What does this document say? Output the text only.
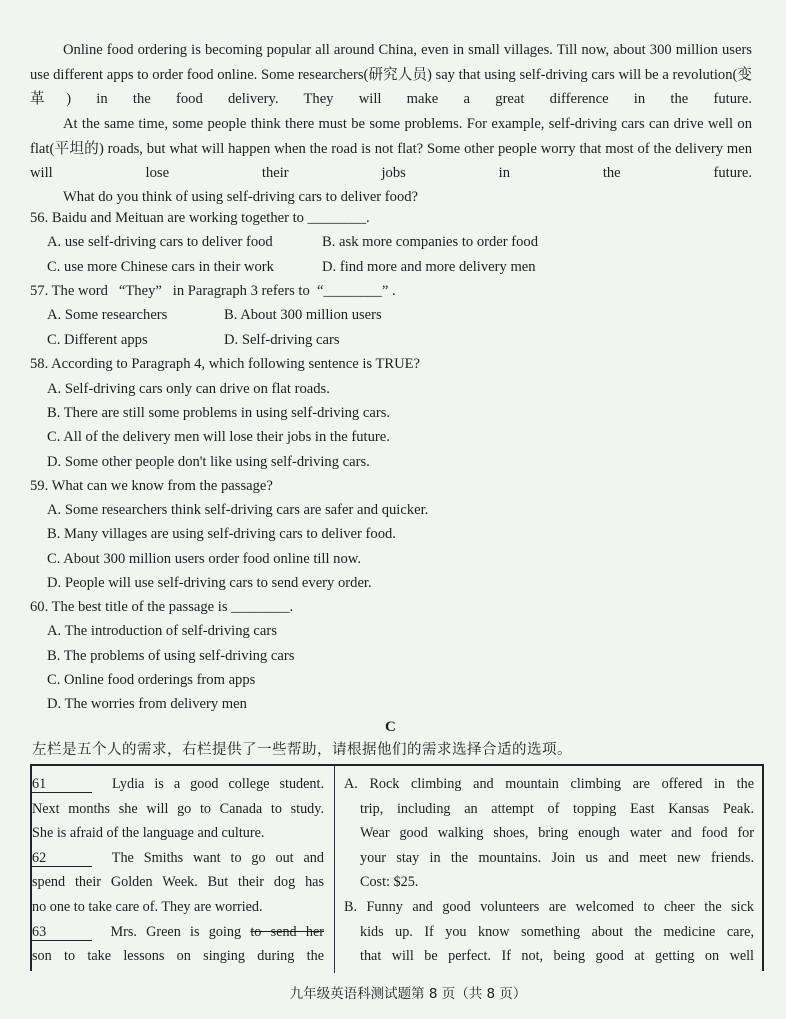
Online food ordering is becoming popular all around China, even in small villages. Till now, about 300 million users use different apps to order food online. Some researchers(研究人员) say that using self-driving cars will be a revolution(变革) in the food delivery. They will make a great difference in the future.

At the same time, some people think there must be some problems. For example, self-driving cars can drive well on flat(平坦的) roads, but what will happen when the road is not flat? Some other people worry that most of the delivery men will lose their jobs in the future.

What do you think of using self-driving cars to deliver food?

56. Baidu and Meituan are working together to ________.

A. use self-driving cars to deliver food	B. ask more companies to order food

C. use more Chinese cars in their work	D. find more and more delivery men

57. The word   “They”   in Paragraph 3 refers to  “________” .

A. Some researchers	B. About 300 million users

C. Different apps	D. Self-driving cars

58. According to Paragraph 4, which following sentence is TRUE?

A. Self-driving cars only can drive on flat roads.

B. There are still some problems in using self-driving cars.

C. All of the delivery men will lose their jobs in the future.

D. Some other people don't like using self-driving cars.

59. What can we know from the passage?

A. Some researchers think self-driving cars are safer and quicker.

B. Many villages are using self-driving cars to deliver food.

C. About 300 million users order food online till now.

D. People will use self-driving cars to send every order.

60. The best title of the passage is ________.

A. The introduction of self-driving cars

B. The problems of using self-driving cars

C. Online food orderings from apps

D. The worries from delivery men

C
左栏是五个人的需求，右栏提供了一些帮助，请根据他们的需求选择合适的选项。
61	Lydia is a good college student.
Next months she will go to Canada to study.
She is afraid of the language and culture.
62	The Smiths want to go out and
spend their Golden Week. But their dog has
no one to take care of. They are worried.
63	Mrs. Green is going to send her
son to take lessons on singing during the
A. Rock climbing and mountain climbing are offered in the
trip, including an attempt of topping East Kansas Peak.
Wear good walking shoes, bring enough water and food for
your stay in the mountains. Join us and meet new friends.
Cost: $25.
B. Funny and good volunteers are welcomed to cheer the sick
kids up. If you know something about the medicine care,
that will be perfect. If not, being good at getting on well
九年级英语科测试题第 8 页（共 8 页）
